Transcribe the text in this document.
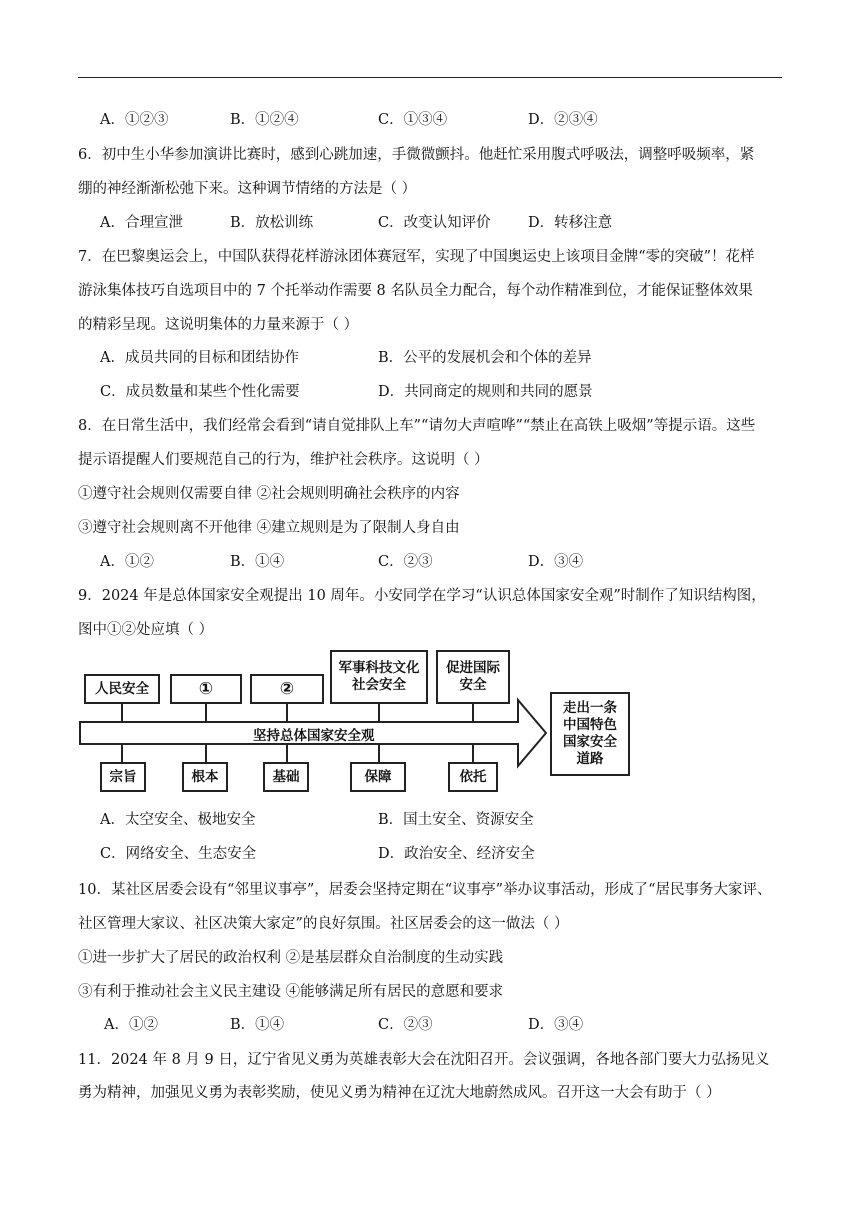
A．①②③	B．①②④	C．①③④	D．②③④
6．初中生小华参加演讲比赛时，感到心跳加速，手微微颤抖。他赶忙采用腹式呼吸法，调整呼吸频率，紧
绷的神经渐渐松弛下来。这种调节情绪的方法是（ ）
A．合理宣泄	B．放松训练	C．改变认知评价	D．转移注意
7．在巴黎奥运会上，中国队获得花样游泳团体赛冠军，实现了中国奥运史上该项目金牌“零的突破”！花样
游泳集体技巧自选项目中的 7 个托举动作需要 8 名队员全力配合，每个动作精准到位，才能保证整体效果
的精彩呈现。这说明集体的力量来源于（ ）
A．成员共同的目标和团结协作	B．公平的发展机会和个体的差异
C．成员数量和某些个性化需要	D．共同商定的规则和共同的愿景
8．在日常生活中，我们经常会看到“请自觉排队上车”“请勿大声喧哗”“禁止在高铁上吸烟”等提示语。这些
提示语提醒人们要规范自己的行为，维护社会秩序。这说明（ ）
①遵守社会规则仅需要自律 ②社会规则明确社会秩序的内容
③遵守社会规则离不开他律 ④建立规则是为了限制人身自由
A．①②	B．①④	C．②③	D．③④
9．2024 年是总体国家安全观提出 10 周年。小安同学在学习“认识总体国家安全观”时制作了知识结构图，
图中①②处应填（ ）
坚持总体国家安全观
人民安全	①	②
军事科技文化
社会安全
促进国际
安全
宗旨	根本	基础	保障	依托
走出一条
中国特色
国家安全
道路
A．太空安全、极地安全	B．国土安全、资源安全
C．网络安全、生态安全	D．政治安全、经济安全
10．某社区居委会设有“邻里议事亭”，居委会坚持定期在“议事亭”举办议事活动，形成了“居民事务大家评、
社区管理大家议、社区决策大家定”的良好氛围。社区居委会的这一做法（ ）
①进一步扩大了居民的政治权利 ②是基层群众自治制度的生动实践
③有利于推动社会主义民主建设 ④能够满足所有居民的意愿和要求
A．①②	B．①④	C．②③	D．③④
11．2024 年 8 月 9 日，辽宁省见义勇为英雄表彰大会在沈阳召开。会议强调，各地各部门要大力弘扬见义
勇为精神，加强见义勇为表彰奖励，使见义勇为精神在辽沈大地蔚然成风。召开这一大会有助于（ ）
